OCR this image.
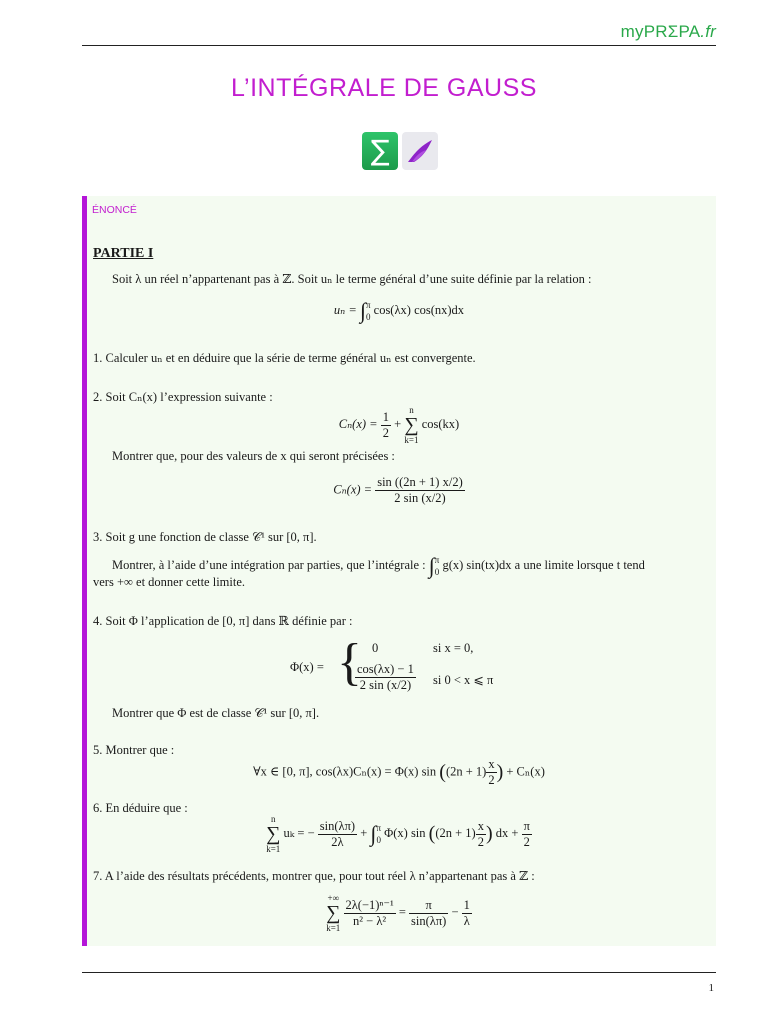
myPRΣPA.fr
L’INTÉGRALE DE GAUSS
∑
ÉNONCÉ
PARTIE I
Soit λ un réel n’appartenant pas à ℤ. Soit uₙ le terme général d’une suite définie par la relation :
uₙ = ∫ π
0
cos(λx) cos(nx)dx
1. Calculer uₙ et en déduire que la série de terme général uₙ est convergente.
2. Soit Cₙ(x) l’expression suivante :
$C_n(x) = \frac{1}{2}$ +
n
∑
k=1
cos(kx)
Montrer que, pour des valeurs de x qui seront précisées :
$C_n(x) = \frac{\sin ((2n + 1) x/2)}{2 \sin (x/2)}$
3. Soit g une fonction de classe 𝒞¹ sur [0, π].
Montrer, à l’aide d’une intégration par parties, que l’intégrale : ∫ π
0
g(x) sin(tx)dx a une limite lorsque t tend
vers +∞ et donner cette limite.
4. Soit Φ l’application de [0, π] dans ℝ définie par :
Φ(x) = { 0	si x = 0,
$\frac{\cos(\lambda x) - 1}{2 \sin (x/2)}$ si 0 < x ⩽ π
Montrer que Φ est de classe 𝒞¹ sur [0, π].
5. Montrer que :
∀x ∈ [0, π], cos(λx)Cₙ(x) = Φ(x) $\sin ((2n + 1) \frac{x}{2}$ ) + Cₙ(x)
6. En déduire que :
n
∑
k=1
uₖ = − $\frac{\sin(\lambda\pi)}{2\lambda}$ + ∫ π
0
Φ(x) $\sin ((2n + 1) \frac{x}{2}$ ) dx + $\frac{\pi}{2}$
7. A l’aide des résultats précédents, montrer que, pour tout réel λ n’appartenant pas à ℤ :
+∞
∑
k=1
$\frac{\text{2λ(−1)ⁿ⁻¹}}{\text{n² − λ²}} = \frac{\pi}{\sin(\lambda\pi)} - \frac{1}{\lambda}$
1
